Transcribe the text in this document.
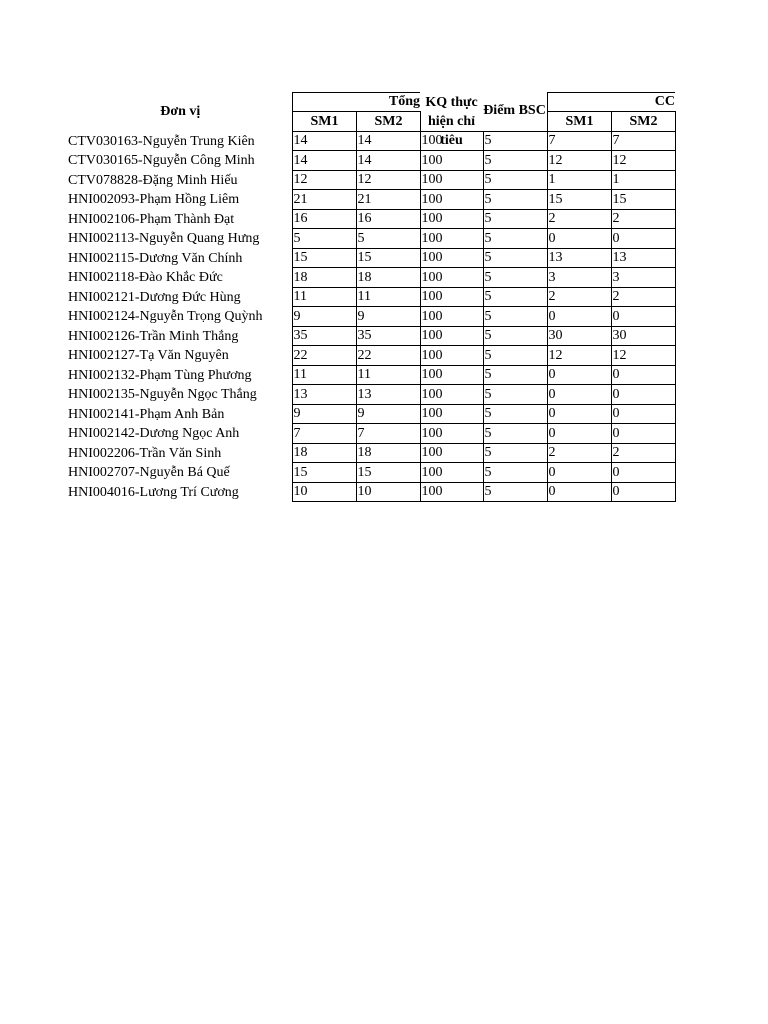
Đơn vị	Tổng		KQ thực hiện chỉ tiêu	Điểm BSC	CC	
	SM1	SM2			SM1	SM2
CTV030163-Nguyễn Trung Kiên	14	14	100	5	7	7
CTV030165-Nguyễn Công Minh	14	14	100	5	12	12
CTV078828-Đặng Minh Hiếu	12	12	100	5	1	1
HNI002093-Phạm Hồng Liêm	21	21	100	5	15	15
HNI002106-Phạm Thành Đạt	16	16	100	5	2	2
HNI002113-Nguyễn Quang Hưng	5	5	100	5	0	0
HNI002115-Dương Văn Chính	15	15	100	5	13	13
HNI002118-Đào Khắc Đức	18	18	100	5	3	3
HNI002121-Dương Đức Hùng	11	11	100	5	2	2
HNI002124-Nguyễn Trọng Quỳnh	9	9	100	5	0	0
HNI002126-Trần Minh Thắng	35	35	100	5	30	30
HNI002127-Tạ Văn Nguyên	22	22	100	5	12	12
HNI002132-Phạm Tùng Phương	11	11	100	5	0	0
HNI002135-Nguyễn Ngọc Thắng	13	13	100	5	0	0
HNI002141-Phạm Anh Bản	9	9	100	5	0	0
HNI002142-Dương Ngọc Anh	7	7	100	5	0	0
HNI002206-Trần Văn Sinh	18	18	100	5	2	2
HNI002707-Nguyễn Bá Quế	15	15	100	5	0	0
HNI004016-Lương Trí Cương	10	10	100	5	0	0
